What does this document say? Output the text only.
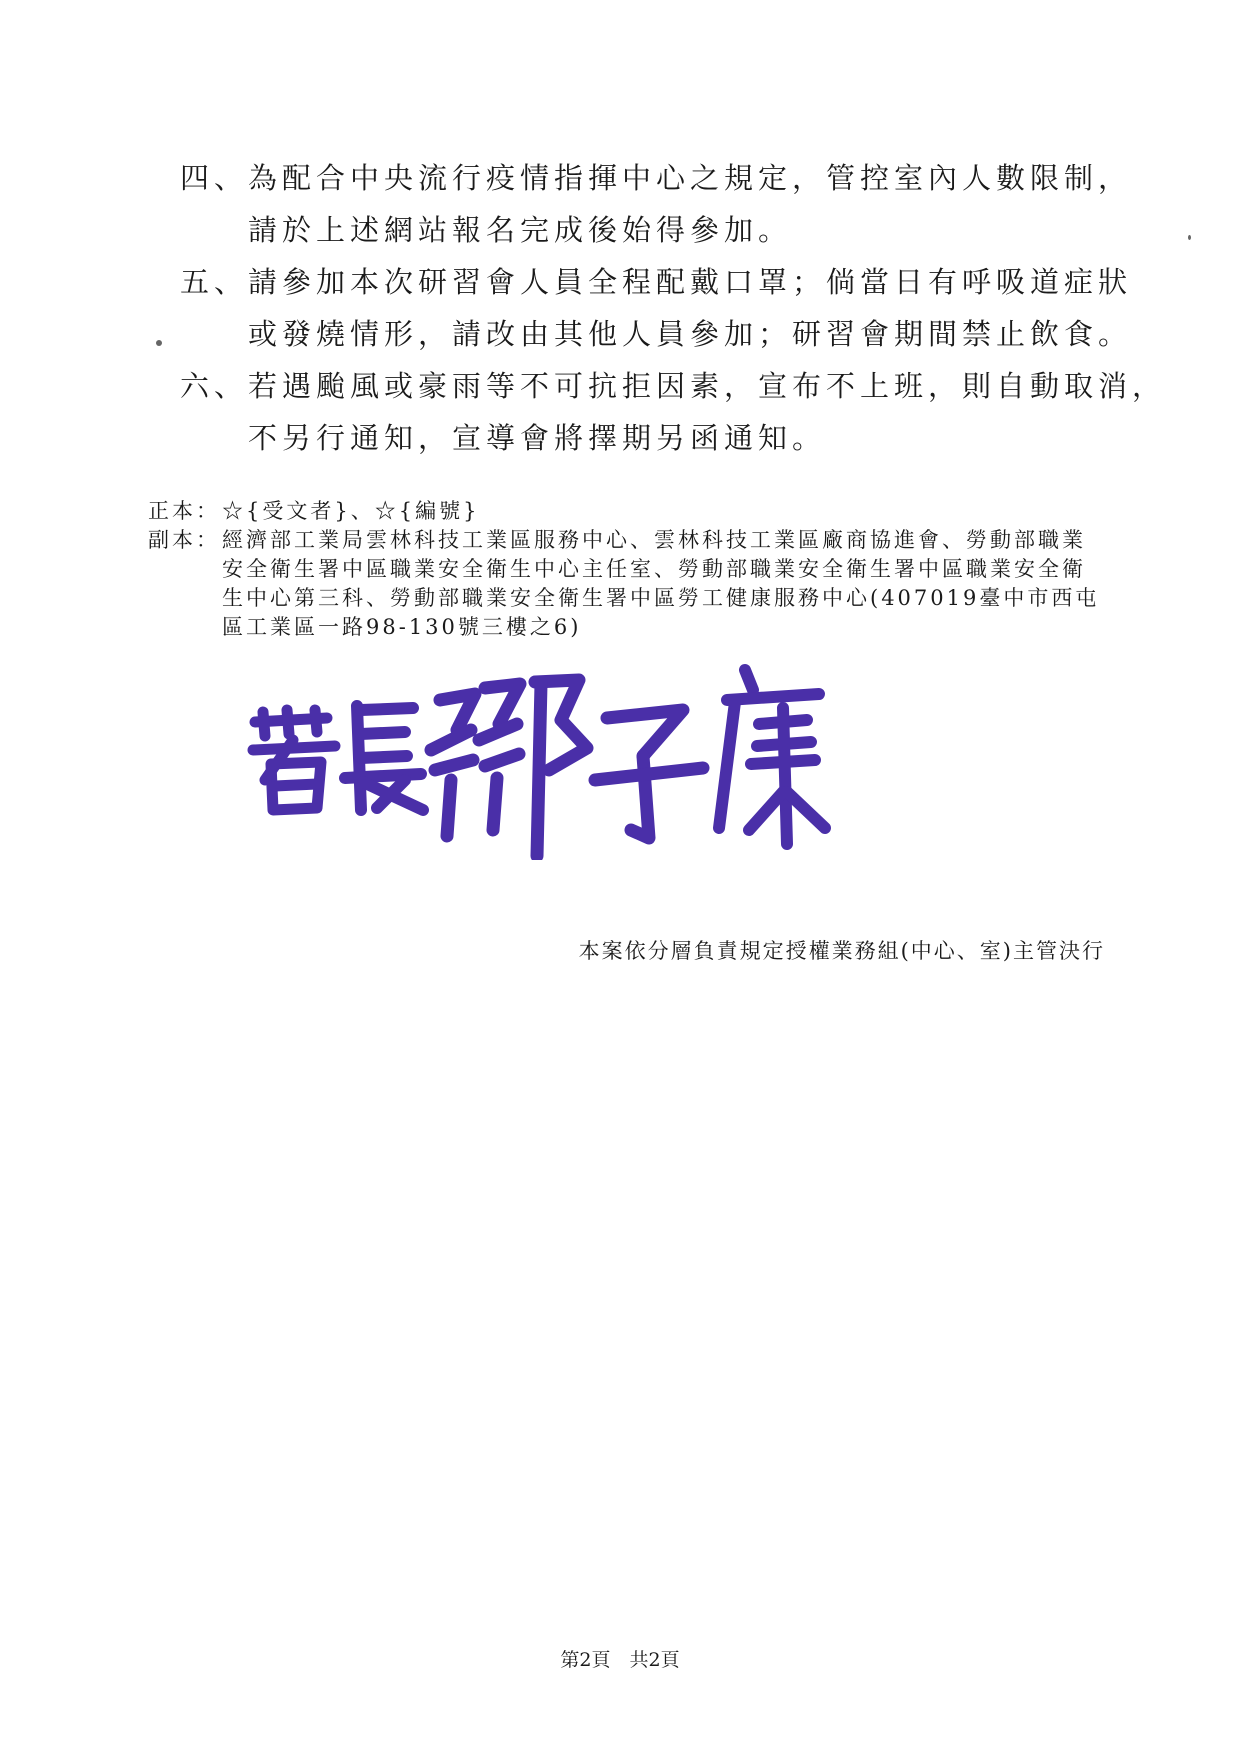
四、為配合中央流行疫情指揮中心之規定，管控室內人數限制，
請於上述網站報名完成後始得參加。
五、請參加本次研習會人員全程配戴口罩；倘當日有呼吸道症狀
或發燒情形，請改由其他人員參加；研習會期間禁止飲食。
六、若遇颱風或豪雨等不可抗拒因素，宣布不上班，則自動取消，
不另行通知，宣導會將擇期另函通知。
正本： ☆{受文者}、☆{編號}
副本： 經濟部工業局雲林科技工業區服務中心、雲林科技工業區廠商協進會、勞動部職業安全衛生署中區職業安全衛生中心主任室、勞動部職業安全衛生署中區職業安全衛生中心第三科、勞動部職業安全衛生署中區勞工健康服務中心(407019臺中市西屯區工業區一路98-130號三樓之6)
本案依分層負責規定授權業務組(中心、室)主管決行
第2頁　共2頁
